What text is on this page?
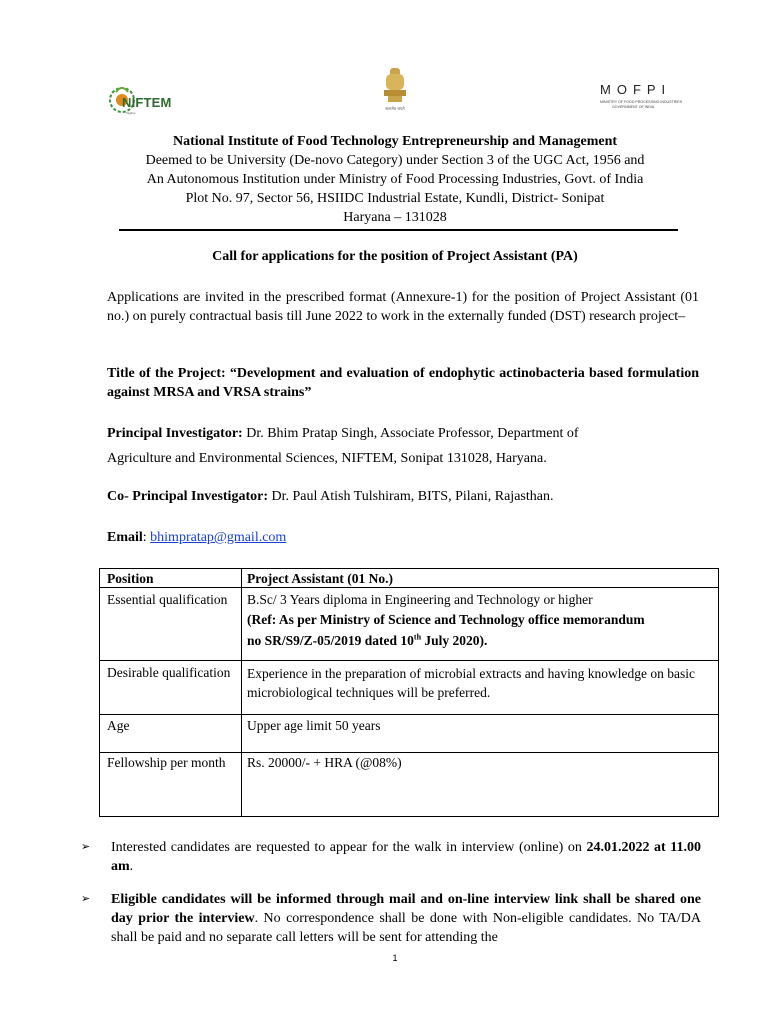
NIFTEM
Tagline
सत्यमेव जयते
MOFPI
MINISTRY OF FOOD PROCESSING INDUSTRIES
GOVERNMENT OF INDIA
National Institute of Food Technology Entrepreneurship and Management
Deemed to be University (De-novo Category) under Section 3 of the UGC Act, 1956 and
An Autonomous Institution under Ministry of Food Processing Industries, Govt. of India
Plot No. 97, Sector 56, HSIIDC Industrial Estate, Kundli, District- Sonipat
Haryana – 131028
Call for applications for the position of Project Assistant (PA)
Applications are invited in the prescribed format (Annexure-1) for the position of Project Assistant (01 no.) on purely contractual basis till June 2022 to work in the externally funded (DST) research project–
Title of the Project: “Development and evaluation of endophytic actinobacteria based formulation against MRSA and VRSA strains”
Principal Investigator: Dr. Bhim Pratap Singh, Associate Professor, Department of
Agriculture and Environmental Sciences, NIFTEM, Sonipat 131028, Haryana.
Co- Principal Investigator: Dr. Paul Atish Tulshiram, BITS, Pilani, Rajasthan.
Email: bhimpratap@gmail.com
Position	Project Assistant (01 No.)
Essential qualification	B.Sc/ 3 Years diploma in Engineering and Technology or higher
(Ref: As per Ministry of Science and Technology office memorandum
no SR/S9/Z-05/2019 dated 10th July 2020).
Desirable qualification	Experience in the preparation of microbial extracts and having knowledge on basic microbiological techniques will be preferred.
Age	Upper age limit 50 years
Fellowship per month	Rs. 20000/- + HRA (@08%)
➢ Interested candidates are requested to appear for the walk in interview (online) on 24.01.2022 at 11.00 am.
➢ Eligible candidates will be informed through mail and on-line interview link shall be shared one day prior the interview. No correspondence shall be done with Non-eligible candidates. No TA/DA shall be paid and no separate call letters will be sent for attending the
1
